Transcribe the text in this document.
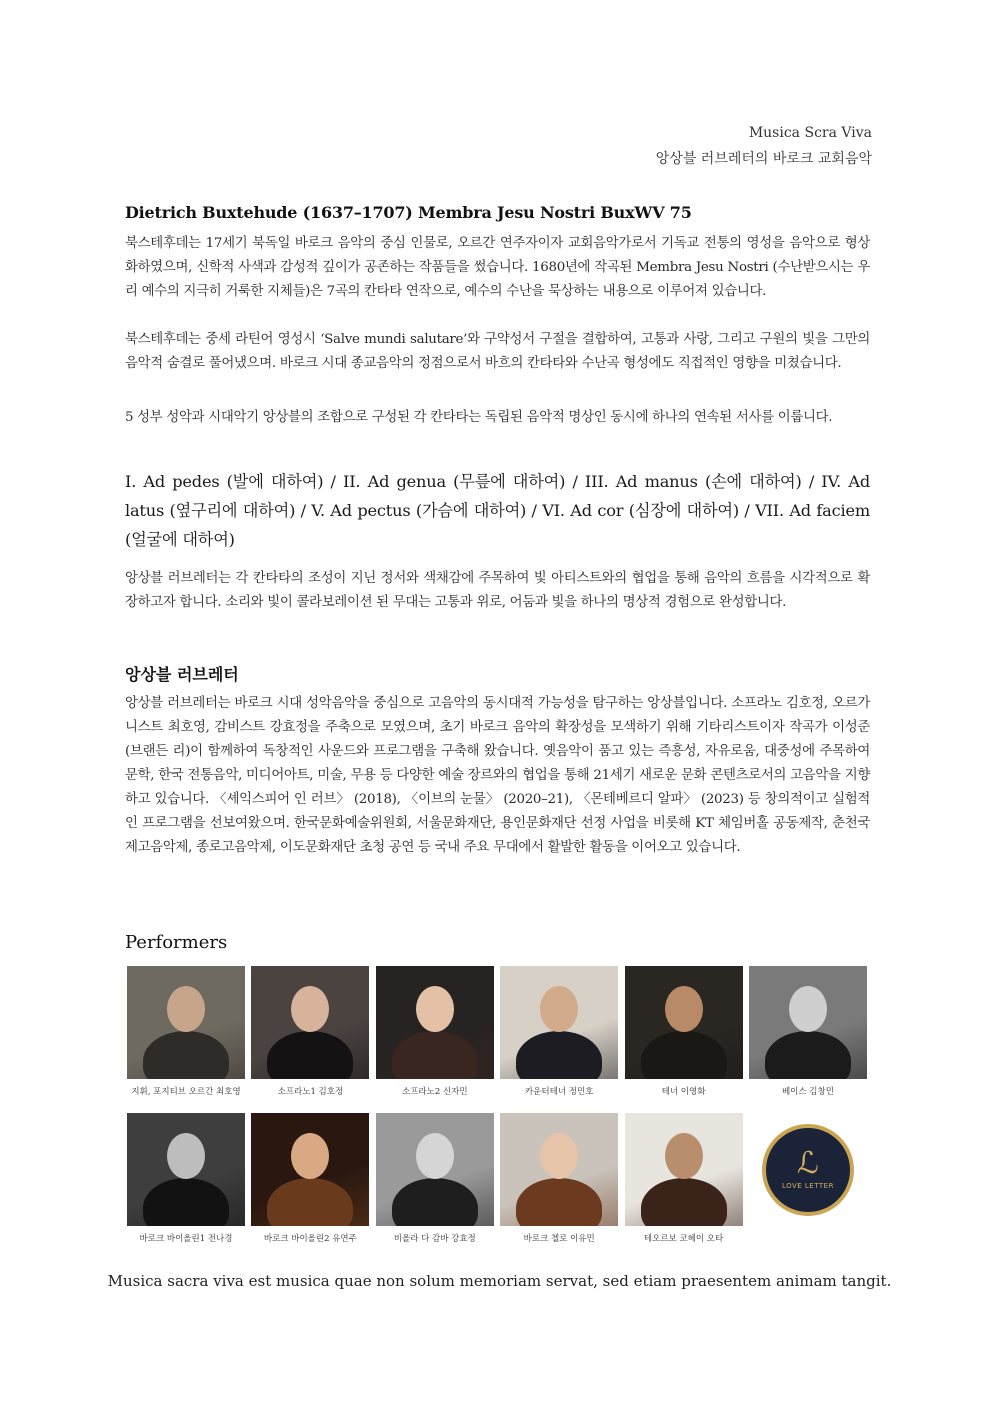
Musica Scra Viva
앙상블 러브레터의 바로크 교회음악
Dietrich Buxtehude (1637–1707) Membra Jesu Nostri BuxWV 75
북스테후데는 17세기 북독일 바로크 음악의 중심 인물로, 오르간 연주자이자 교회음악가로서 기독교 전통의 영성을 음악으로 형상화하였으며, 신학적 사색과 감성적 깊이가 공존하는 작품들을 썼습니다. 1680년에 작곡된 Membra Jesu Nostri (수난받으시는 우리 예수의 지극히 거룩한 지체들)은 7곡의 칸타타 연작으로, 예수의 수난을 묵상하는 내용으로 이루어져 있습니다.
북스테후데는 중세 라틴어 영성시 ‘Salve mundi salutare’와 구약성서 구절을 결합하여, 고통과 사랑, 그리고 구원의 빛을 그만의 음악적 숨결로 풀어냈으며. 바로크 시대 종교음악의 정점으로서 바흐의 칸타타와 수난곡 형성에도 직접적인 영향을 미쳤습니다.
5 성부 성악과 시대악기 앙상블의 조합으로 구성된 각 칸타타는 독립된 음악적 명상인 동시에 하나의 연속된 서사를 이룹니다.
I. Ad pedes (발에 대하여) / II. Ad genua (무릎에 대하여) / III. Ad manus (손에 대하여) / IV. Ad latus (옆구리에 대하여) / V. Ad pectus (가슴에 대하여) / VI. Ad cor (심장에 대하여) / VII. Ad faciem (얼굴에 대하여)
앙상블 러브레터는 각 칸타타의 조성이 지닌 정서와 색채감에 주목하여 빛 아티스트와의 협업을 통해 음악의 흐름을 시각적으로 확장하고자 합니다. 소리와 빛이 콜라보레이션 된 무대는 고통과 위로, 어둠과 빛을 하나의 명상적 경험으로 완성합니다.
앙상블 러브레터
앙상블 러브레터는 바로크 시대 성악음악을 중심으로 고음악의 동시대적 가능성을 탐구하는 앙상블입니다. 소프라노 김호정, 오르가니스트 최호영, 감비스트 강효정을 주축으로 모였으며, 초기 바로크 음악의 확장성을 모색하기 위해 기타리스트이자 작곡가 이성준(브랜든 리)이 함께하여 독창적인 사운드와 프로그램을 구축해 왔습니다. 옛음악이 품고 있는 즉흥성, 자유로움, 대중성에 주목하여 문학, 한국 전통음악, 미디어아트, 미술, 무용 등 다양한 예술 장르와의 협업을 통해 21세기 새로운 문화 콘텐츠로서의 고음악을 지향하고 있습니다. 〈셰익스피어 인 러브〉 (2018), 〈이브의 눈물〉 (2020–21), 〈몬테베르디 알파〉 (2023) 등 창의적이고 실험적인 프로그램을 선보여왔으며. 한국문화예술위원회, 서울문화재단, 용인문화재단 선정 사업을 비롯해 KT 체임버홀 공동제작, 춘천국제고음악제, 종로고음악제, 이도문화재단 초청 공연 등 국내 주요 무대에서 활발한 활동을 이어오고 있습니다.
Performers
지휘, 포지티브 오르간 최호영	소프라노1 김호정	소프라노2 신자민	카운터테너 정민호	테너 이영화	베이스 김창민
바로크 바이올린1 전나경	바로크 바이올린2 유연주	비올라 다 감바 강효정	바로크 첼로 이유민	테오르보 코헤이 오타
ℒ
LOVE LETTER
Musica sacra viva est musica quae non solum memoriam servat, sed etiam praesentem animam tangit.
